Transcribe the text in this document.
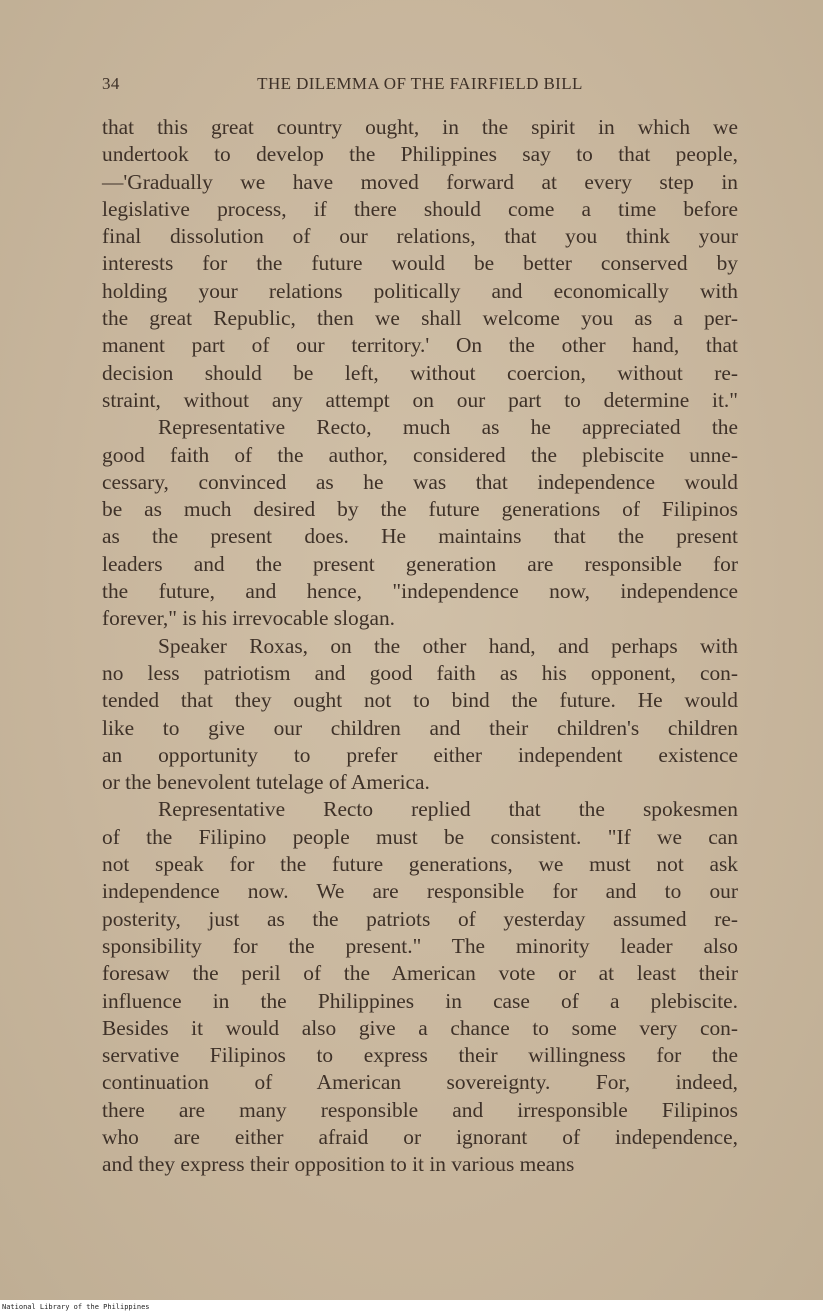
34	THE DILEMMA OF THE FAIRFIELD BILL
that this great country ought, in the spirit in which we
undertook to develop the Philippines say to that people,
—'Gradually we have moved forward at every step in
legislative process, if there should come a time before
final dissolution of our relations, that you think your
interests for the future would be better conserved by
holding your relations politically and economically with
the great Republic, then we shall welcome you as a per-
manent part of our territory.' On the other hand, that
decision should be left, without coercion, without re-
straint, without any attempt on our part to determine it."
Representative Recto, much as he appreciated the
good faith of the author, considered the plebiscite unne-
cessary, convinced as he was that independence would
be as much desired by the future generations of Filipinos
as the present does. He maintains that the present
leaders and the present generation are responsible for
the future, and hence, "independence now, independence
forever," is his irrevocable slogan.
Speaker Roxas, on the other hand, and perhaps with
no less patriotism and good faith as his opponent, con-
tended that they ought not to bind the future. He would
like to give our children and their children's children
an opportunity to prefer either independent existence
or the benevolent tutelage of America.
Representative Recto replied that the spokesmen
of the Filipino people must be consistent. "If we can
not speak for the future generations, we must not ask
independence now. We are responsible for and to our
posterity, just as the patriots of yesterday assumed re-
sponsibility for the present." The minority leader also
foresaw the peril of the American vote or at least their
influence in the Philippines in case of a plebiscite.
Besides it would also give a chance to some very con-
servative Filipinos to express their willingness for the
continuation of American sovereignty. For, indeed,
there are many responsible and irresponsible Filipinos
who are either afraid or ignorant of independence,
and they express their opposition to it in various means
National Library of the Philippines
